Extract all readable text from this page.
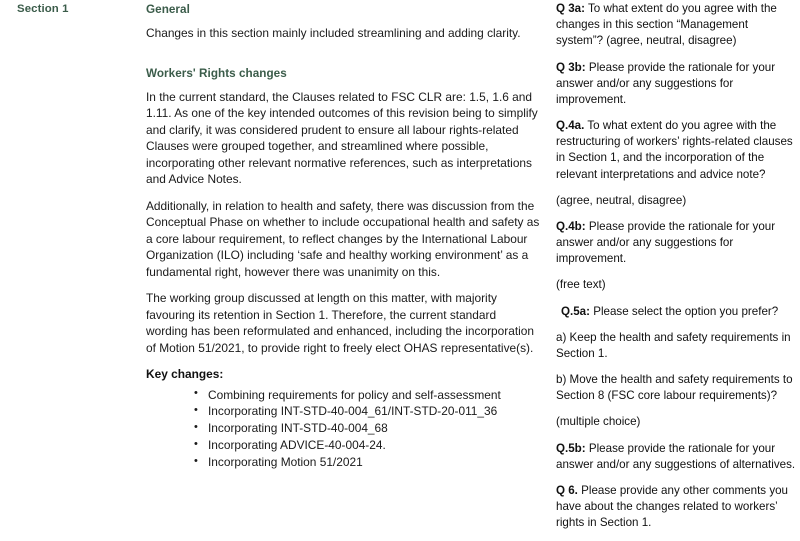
Section 1	General

Changes in this section mainly included streamlining and adding clarity.

Workers' Rights changes

In the current standard, the Clauses related to FSC CLR are: 1.5, 1.6 and 1.11. As one of the key intended outcomes of this revision being to simplify and clarify, it was considered prudent to ensure all labour rights-related Clauses were grouped together, and streamlined where possible, incorporating other relevant normative references, such as interpretations and Advice Notes.

Additionally, in relation to health and safety, there was discussion from the Conceptual Phase on whether to include occupational health and safety as a core labour requirement, to reflect changes by the International Labour Organization (ILO) including ‘safe and healthy working environment’ as a fundamental right, however there was unanimity on this.

The working group discussed at length on this matter, with majority favouring its retention in Section 1. Therefore, the current standard wording has been reformulated and enhanced, including the incorporation of Motion 51/2021, to provide right to freely elect OHAS representative(s).

Key changes:
• Combining requirements for policy and self-assessment
• Incorporating INT-STD-40-004_61/INT-STD-20-011_36
• Incorporating INT-STD-40-004_68
• Incorporating ADVICE-40-004-24.
• Incorporating Motion 51/2021

Q 3a: To what extent do you agree with the changes in this section “Management system”? (agree, neutral, disagree)

Q 3b: Please provide the rationale for your answer and/or any suggestions for improvement.

Q.4a. To what extent do you agree with the restructuring of workers’ rights-related clauses in Section 1, and the incorporation of the relevant interpretations and advice note?

(agree, neutral, disagree)

Q.4b: Please provide the rationale for your answer and/or any suggestions for improvement.

(free text)

Q.5a: Please select the option you prefer?

a) Keep the health and safety requirements in Section 1.

b) Move the health and safety requirements to Section 8 (FSC core labour requirements)?

(multiple choice)

Q.5b: Please provide the rationale for your answer and/or any suggestions of alternatives.

Q 6. Please provide any other comments you have about the changes related to workers’ rights in Section 1.
